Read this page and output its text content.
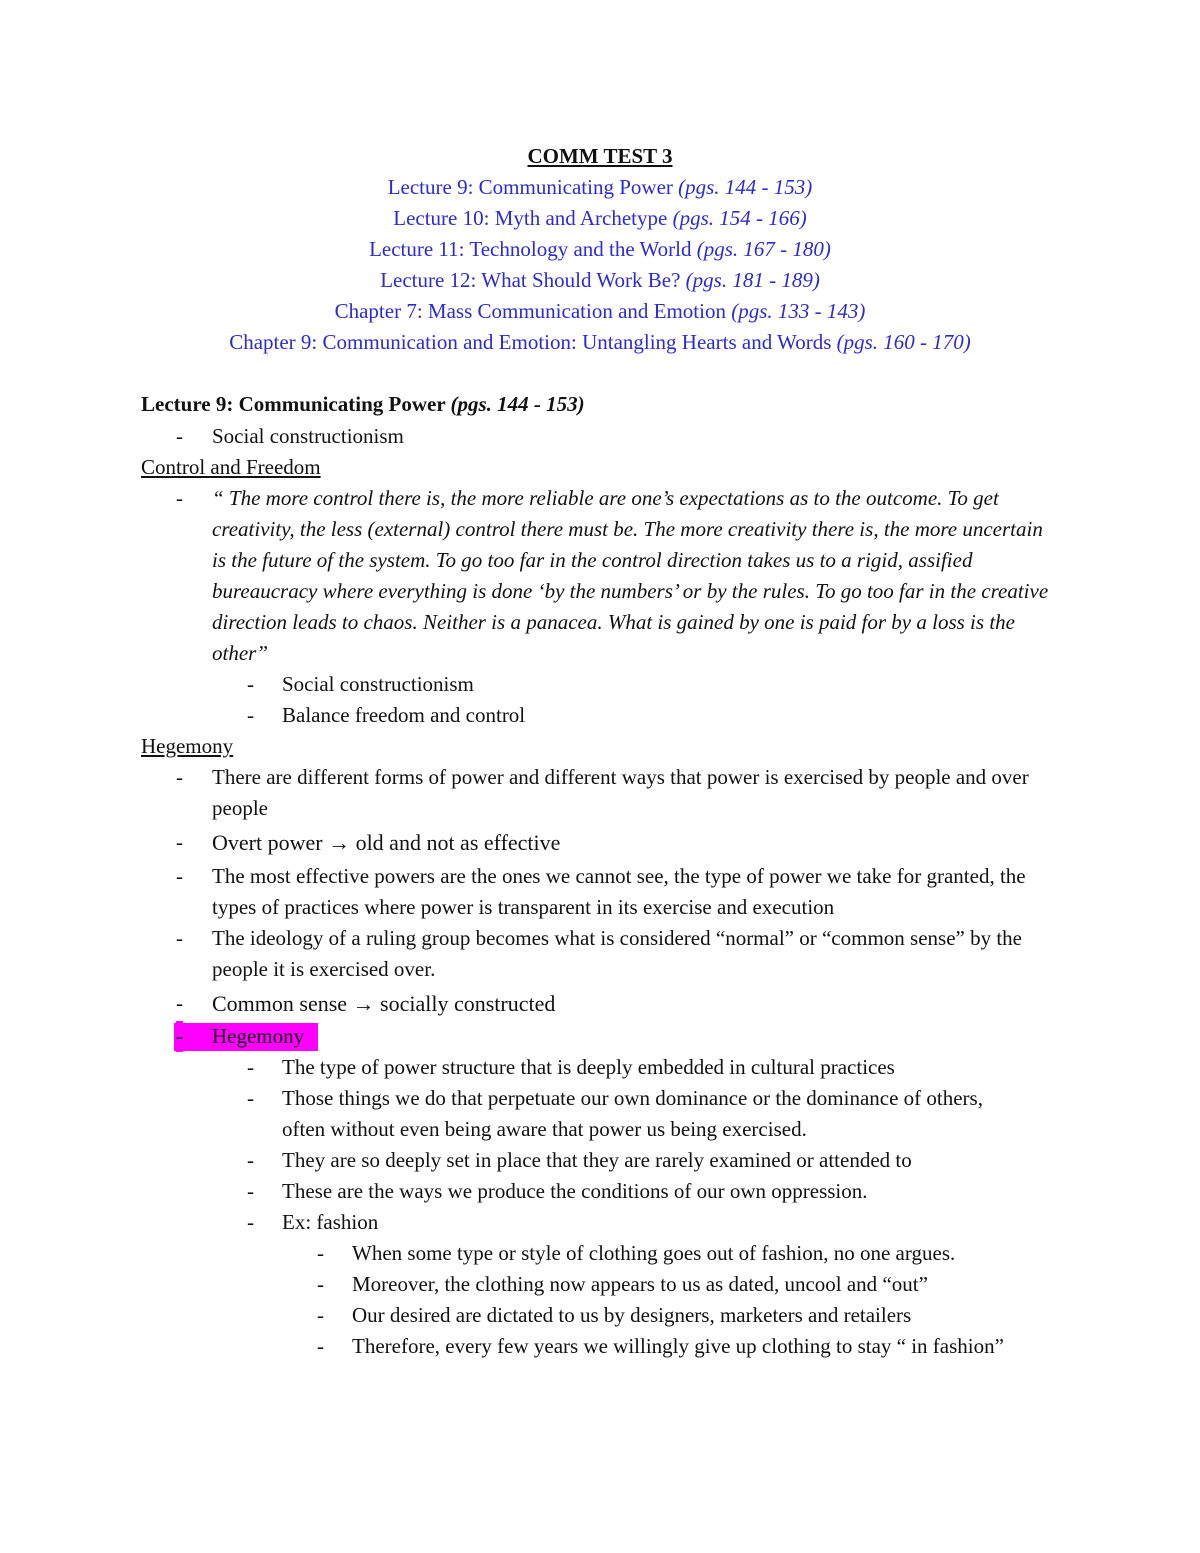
COMM TEST 3
Lecture 9: Communicating Power (pgs. 144 - 153)
Lecture 10: Myth and Archetype (pgs. 154 - 166)
Lecture 11: Technology and the World (pgs. 167 - 180)
Lecture 12: What Should Work Be? (pgs. 181 - 189)
Chapter 7: Mass Communication and Emotion (pgs. 133 - 143)
Chapter 9: Communication and Emotion: Untangling Hearts and Words (pgs. 160 - 170)
Lecture 9: Communicating Power (pgs. 144 - 153)
- Social constructionism
Control and Freedom
- “ The more control there is, the more reliable are one’s expectations as to the outcome. To get creativity, the less (external) control there must be. The more creativity there is, the more uncertain is the future of the system. To go too far in the control direction takes us to a rigid, assified bureaucracy where everything is done ‘by the numbers’ or by the rules. To go too far in the creative direction leads to chaos. Neither is a panacea. What is gained by one is paid for by a loss is the other”
- Social constructionism
- Balance freedom and control
Hegemony
- There are different forms of power and different ways that power is exercised by people and over people
- Overt power → old and not as effective
- The most effective powers are the ones we cannot see, the type of power we take for granted, the types of practices where power is transparent in its exercise and execution
- The ideology of a ruling group becomes what is considered “normal” or “common sense” by the people it is exercised over.
- Common sense → socially constructed
- Hegemony
- The type of power structure that is deeply embedded in cultural practices
- Those things we do that perpetuate our own dominance or the dominance of others, often without even being aware that power us being exercised.
- They are so deeply set in place that they are rarely examined or attended to
- These are the ways we produce the conditions of our own oppression.
- Ex: fashion
- When some type or style of clothing goes out of fashion, no one argues.
- Moreover, the clothing now appears to us as dated, uncool and “out”
- Our desired are dictated to us by designers, marketers and retailers
- Therefore, every few years we willingly give up clothing to stay “ in fashion”
